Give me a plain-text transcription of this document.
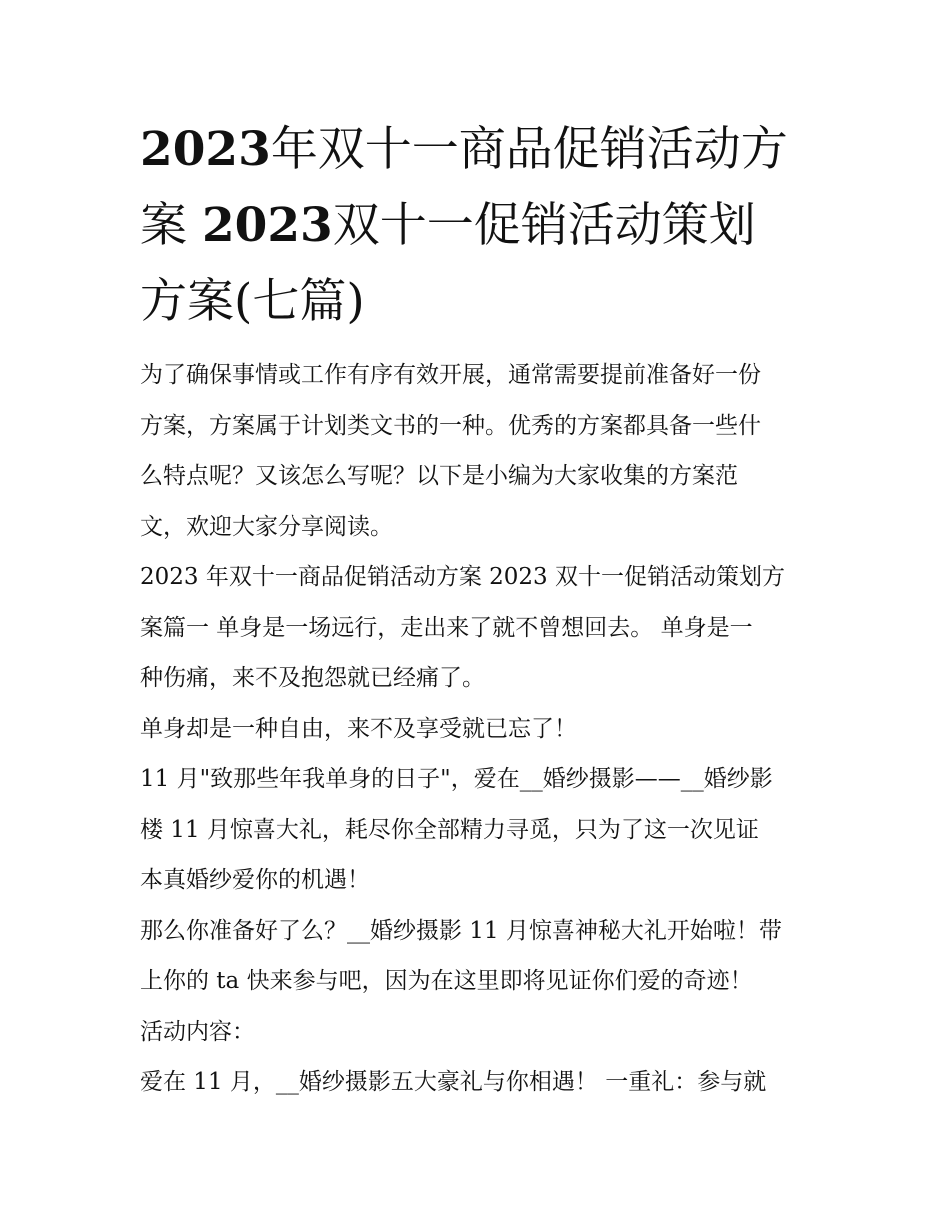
2023年双十一商品促销活动方
案 2023双十一促销活动策划
方案(七篇)

为了确保事情或工作有序有效开展，通常需要提前准备好一份
方案，方案属于计划类文书的一种。优秀的方案都具备一些什
么特点呢？又该怎么写呢？以下是小编为大家收集的方案范
文，欢迎大家分享阅读。

2023 年双十一商品促销活动方案 2023 双十一促销活动策划方
案篇一 单身是一场远行，走出来了就不曾想回去。 单身是一
种伤痛，来不及抱怨就已经痛了。

单身却是一种自由，来不及享受就已忘了！

11 月"致那些年我单身的日子"，爱在__婚纱摄影——__婚纱影
楼 11 月惊喜大礼，耗尽你全部精力寻觅，只为了这一次见证
本真婚纱爱你的机遇！

那么你准备好了么？__婚纱摄影 11 月惊喜神秘大礼开始啦！带
上你的 ta 快来参与吧，因为在这里即将见证你们爱的奇迹！

活动内容：

爱在 11 月，__婚纱摄影五大豪礼与你相遇！ 一重礼：参与就
